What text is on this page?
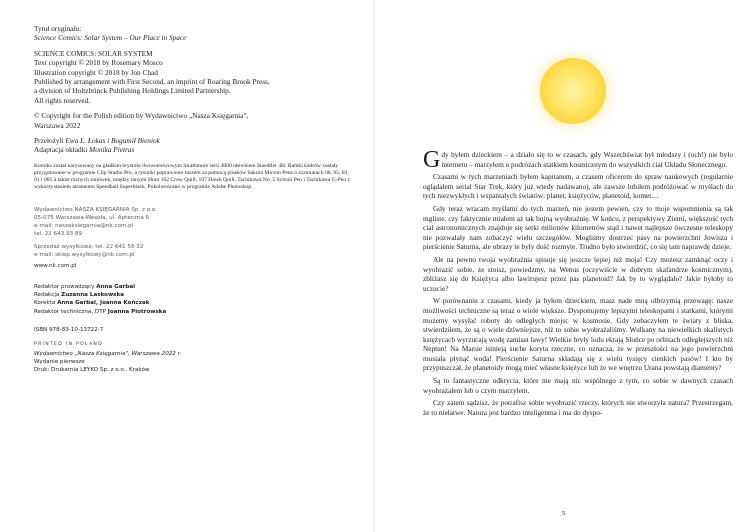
Tytuł oryginału:
Science Comics: Solar System – Our Place in Space
SCIENCE COMICS: SOLAR SYSTEM
Text copyright © 2018 by Rosemary Mosco
Illustration copyright © 2018 by Jon Chad
Published by arrangement with First Second, an imprint of Roaring Brook Press,
a division of Holtzbrinck Publishing Holdings Limited Partnership.
All rights reserved.
© Copyright for the Polish edition by Wydawnictwo „Nasza Księgarnia",
Warszawa 2022
Przełożyli Ewa L. Łokas i Bogumił Bieniok
Adaptacja okładki Monika Pietras
Komiks został narysowany na gładkim brystolu dwuwarstwowym Strathmore serii 4000 ołówkiem Staedtler 4H. Ramki kadrów zostały przygotowane w programie Clip Studio Pro, a rysunki poprawiono tuszem za pomocą pisaków Sakura Micron Pens o rozmiarach 08, 05, 03, 01 i 005 a także różnych stalówek, między innymi Hunt 102 Crow Quill, 107 Hawk Quill, Tachikawa No. 5 School Pen i Tachikawa G-Pen z wykorzystaniem atramentu Speedball Superblack. Pokolorowano w programie Adobe Photoshop.
Wydawnictwo NASZA KSIĘGARNIA Sp. z o.o.
05-075 Warszawa-Wesoła, ul. Apteczna 6
e-mail: naszaksiegarnia@nk.com.pl
tel. 22 643 93 89
Sprzedaż wysyłkowa: tel. 22 641 56 32
e-mail: sklep.wysylkowy@nk.com.pl
www.nk.com.pl
Redaktor prowadzący Anna Garbal
Redakcja Zuzanna Laskowska
Korekta Anna Garbal, Joanna Kończak
Redaktor techniczna, DTP Joanna Piotrowska
ISBN 978-83-10-13722-7
PRINTED IN POLAND
Wydawnictwo „Nasza Księgarnia", Warszawa 2022 r.
Wydanie pierwsze
Druk: Drukarnia LEYKO Sp. z o.o., Kraków

Gdy byłem dzieckiem – a działo się to w czasach, gdy Wszechświat był młodszy i (och!) nie było internetu – marzyłem o podróżach statkiem kosmicznym do wszystkich ciał Układu Słonecznego.

Czasami w tych marzeniach byłem kapitanem, a czasem oficerem do spraw naukowych (regularnie oglądałem serial Star Trek, który już wtedy nadawano), ale zawsze lubiłem podróżować w myślach do tych niezwykłych i wspaniałych światów: planet, księżyców, planetoid, komet…

Gdy teraz wracam myślami do tych marzeń, nie jestem pewien, czy to moje wspomnienia są tak mgliste, czy faktycznie miałem aż tak bujną wyobraźnię. W końcu, z perspektywy Ziemi, większość tych ciał astronomicznych znajduje się setki milionów kilometrów stąd i nawet najlepsze ówczesne teleskopy nie pozwalały nam zobaczyć wielu szczegółów. Mogliśmy dostrzec pasy na powierzchni Jowisza i pierścienie Saturna, ale obrazy te były dość rozmyte. Trudno było stwierdzić, co się tam naprawdę dzieje.

Ale na pewno twoja wyobraźnia spisuje się jeszcze lepiej niż moja! Czy możesz zamknąć oczy i wyobrazić sobie, że stoisz, powiedzmy, na Wenus (oczywiście w dobrym skafandrze kosmicznym), zbliżasz się do Księżyca albo lawirujesz przez pas planetoid? Jak by to wyglądało? Jakie byłoby to uczucie?

W porównaniu z czasami, kiedy ja byłem dzieckiem, masz nade mną olbrzymią przewagę: nasze możliwości techniczne są teraz o wiele większe. Dysponujemy lepszymi teleskopami i statkami, którymi możemy wysyłać roboty do odległych miejsc w kosmosie. Gdy zobaczyłem te światy z bliska, stwierdziłem, że są o wiele dziwniejsze, niż to sobie wyobrażaliśmy. Wulkany na niewielkich skalistych księżycach wyrzucają wodę zamiast lawy! Wielkie bryły lodu ekrają Słońce po orbitach odległejszych niż Neptun! Na Marsie istnieją suche koryta rzeczne, co oznacza, że w przeszłości na jego powierzchni musiała płynąć woda! Pierścienie Saturna składają się z wielu tysięcy cienkich pasów! I kto by przypuszczał, że planetoidy mogą mieć własne księżyce lub że we wnętrzu Urana powstają diamenty?

Są to fantastyczne odkrycia, które nie mają nic wspólnego z tym, co sobie w dawnych czasach wyobrażałem lub o czym marzyłem.

Czy zatem sądzisz, że potrafisz sobie wyobrazić rzeczy, których nie stworzyła natura? Przestrzegam, że to niełatwe. Natura jest bardzo inteligentna i ma do dyspo-

5
